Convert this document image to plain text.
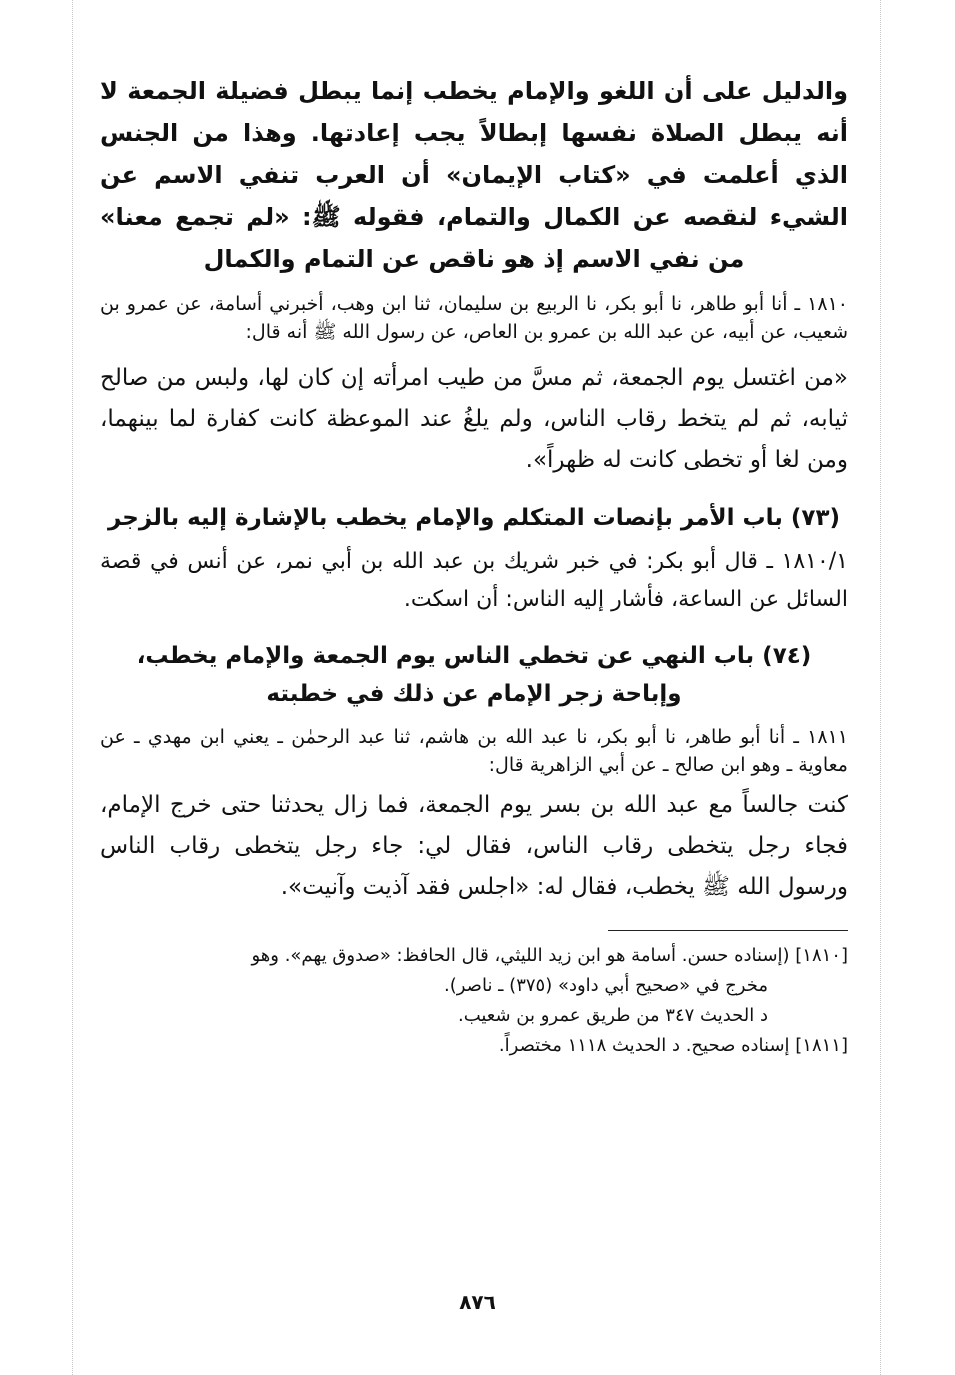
والدليل على أن اللغو والإمام يخطب إنما يبطل فضيلة الجمعة لا أنه يبطل الصلاة نفسها إبطالاً يجب إعادتها. وهذا من الجنس الذي أعلمت في «كتاب الإيمان» أن العرب تنفي الاسم عن الشيء لنقصه عن الكمال والتمام، فقوله ﷺ: «لم تجمع معنا» من نفي الاسم إذ هو ناقص عن التمام والكمال

١٨١٠ ـ أنا أبو طاهر، نا أبو بكر، نا الربيع بن سليمان، ثنا ابن وهب، أخبرني أسامة، عن عمرو بن شعيب، عن أبيه، عن عبد الله بن عمرو بن العاص، عن رسول الله ﷺ أنه قال:

«من اغتسل يوم الجمعة، ثم مسَّ من طيب امرأته إن كان لها، ولبس من صالح ثيابه، ثم لم يتخط رقاب الناس، ولم يلغُ عند الموعظة كانت كفارة لما بينهما، ومن لغا أو تخطى كانت له ظهراً».

(٧٣) باب الأمر بإنصات المتكلم والإمام يخطب بالإشارة إليه بالزجر

١٨١٠/١ ـ قال أبو بكر: في خبر شريك بن عبد الله بن أبي نمر، عن أنس في قصة السائل عن الساعة، فأشار إليه الناس: أن اسكت.

(٧٤) باب النهي عن تخطي الناس يوم الجمعة والإمام يخطب،
وإباحة زجر الإمام عن ذلك في خطبته

١٨١١ ـ أنا أبو طاهر، نا أبو بكر، نا عبد الله بن هاشم، ثنا عبد الرحمٰن ـ يعني ابن مهدي ـ عن معاوية ـ وهو ابن صالح ـ عن أبي الزاهرية قال:

كنت جالساً مع عبد الله بن بسر يوم الجمعة، فما زال يحدثنا حتى خرج الإمام، فجاء رجل يتخطى رقاب الناس، فقال لي: جاء رجل يتخطى رقاب الناس ورسول الله ﷺ يخطب، فقال له: «اجلس فقد آذيت وآنيت».

[١٨١٠] (إسناده حسن. أسامة هو ابن زيد الليثي، قال الحافظ: «صدوق يهم». وهو

مخرج في «صحيح أبي داود» (٣٧٥) ـ ناصر).

د الحديث ٣٤٧ من طريق عمرو بن شعيب.

[١٨١١] إسناده صحيح. د الحديث ١١١٨ مختصراً.

٨٧٦
